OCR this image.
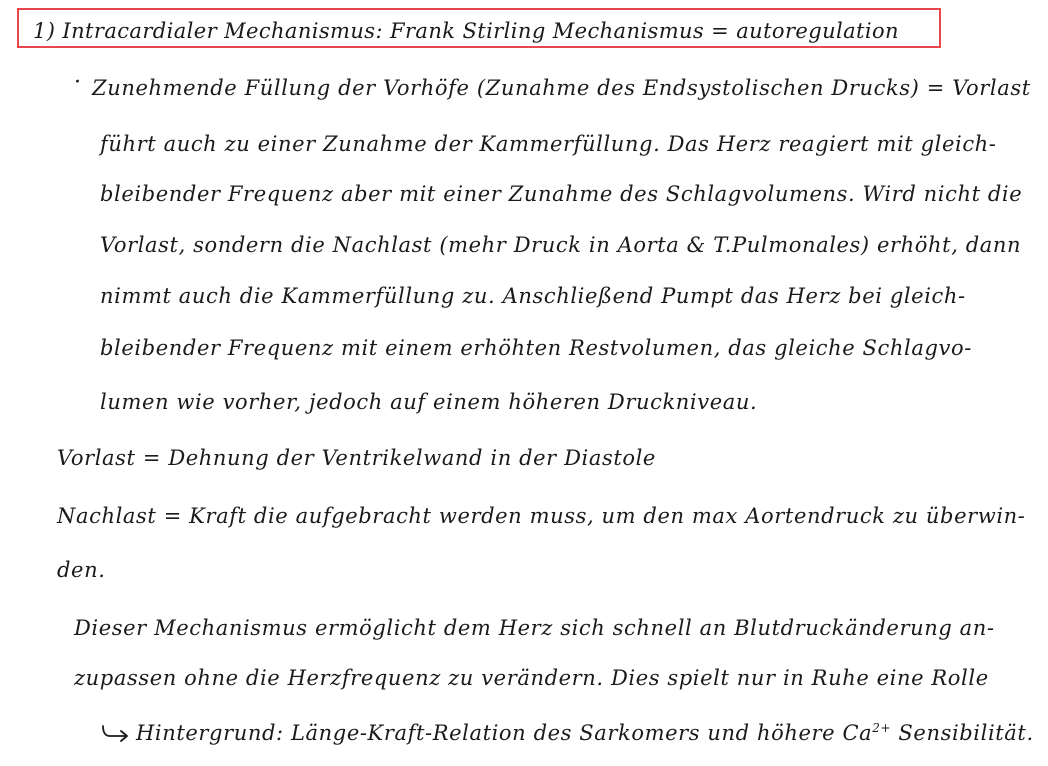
1) Intracardialer Mechanismus: Frank Stirling Mechanismus = autoregulation
· Zunehmende Füllung der Vorhöfe (Zunahme des Endsystolischen Drucks) = Vorlast
führt auch zu einer Zunahme der Kammerfüllung. Das Herz reagiert mit gleich-
bleibender Frequenz aber mit einer Zunahme des Schlagvolumens. Wird nicht die
Vorlast, sondern die Nachlast (mehr Druck in Aorta & T.Pulmonales) erhöht, dann
nimmt auch die Kammerfüllung zu. Anschließend Pumpt das Herz bei gleich-
bleibender Frequenz mit einem erhöhten Restvolumen, das gleiche Schlagvo-
lumen wie vorher, jedoch auf einem höheren Druckniveau.
Vorlast = Dehnung der Ventrikelwand in der Diastole
Nachlast = Kraft die aufgebracht werden muss, um den max Aortendruck zu überwin-
den.
Dieser Mechanismus ermöglicht dem Herz sich schnell an Blutdruckänderung an-
zupassen ohne die Herzfrequenz zu verändern. Dies spielt nur in Ruhe eine Rolle
Hintergrund: Länge-Kraft-Relation des Sarkomers und höhere $Ca^{2+}$ Sensibilität.
